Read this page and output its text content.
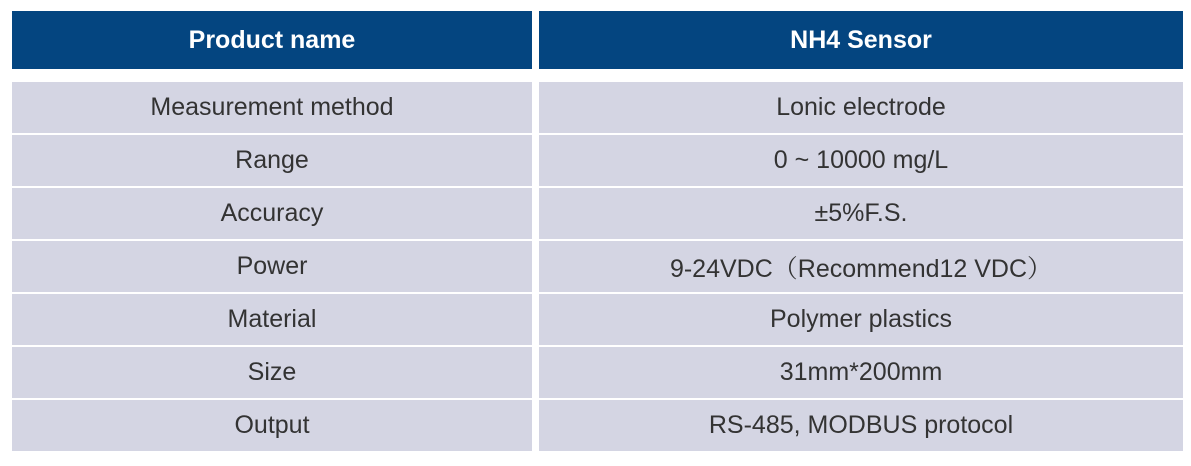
Product name	NH4 Sensor
Measurement method	Lonic electrode
Range	0 ~ 10000 mg/L
Accuracy	±5%F.S.
Power	9-24VDC（Recommend12 VDC）
Material	Polymer plastics
Size	31mm*200mm
Output	RS-485, MODBUS protocol
